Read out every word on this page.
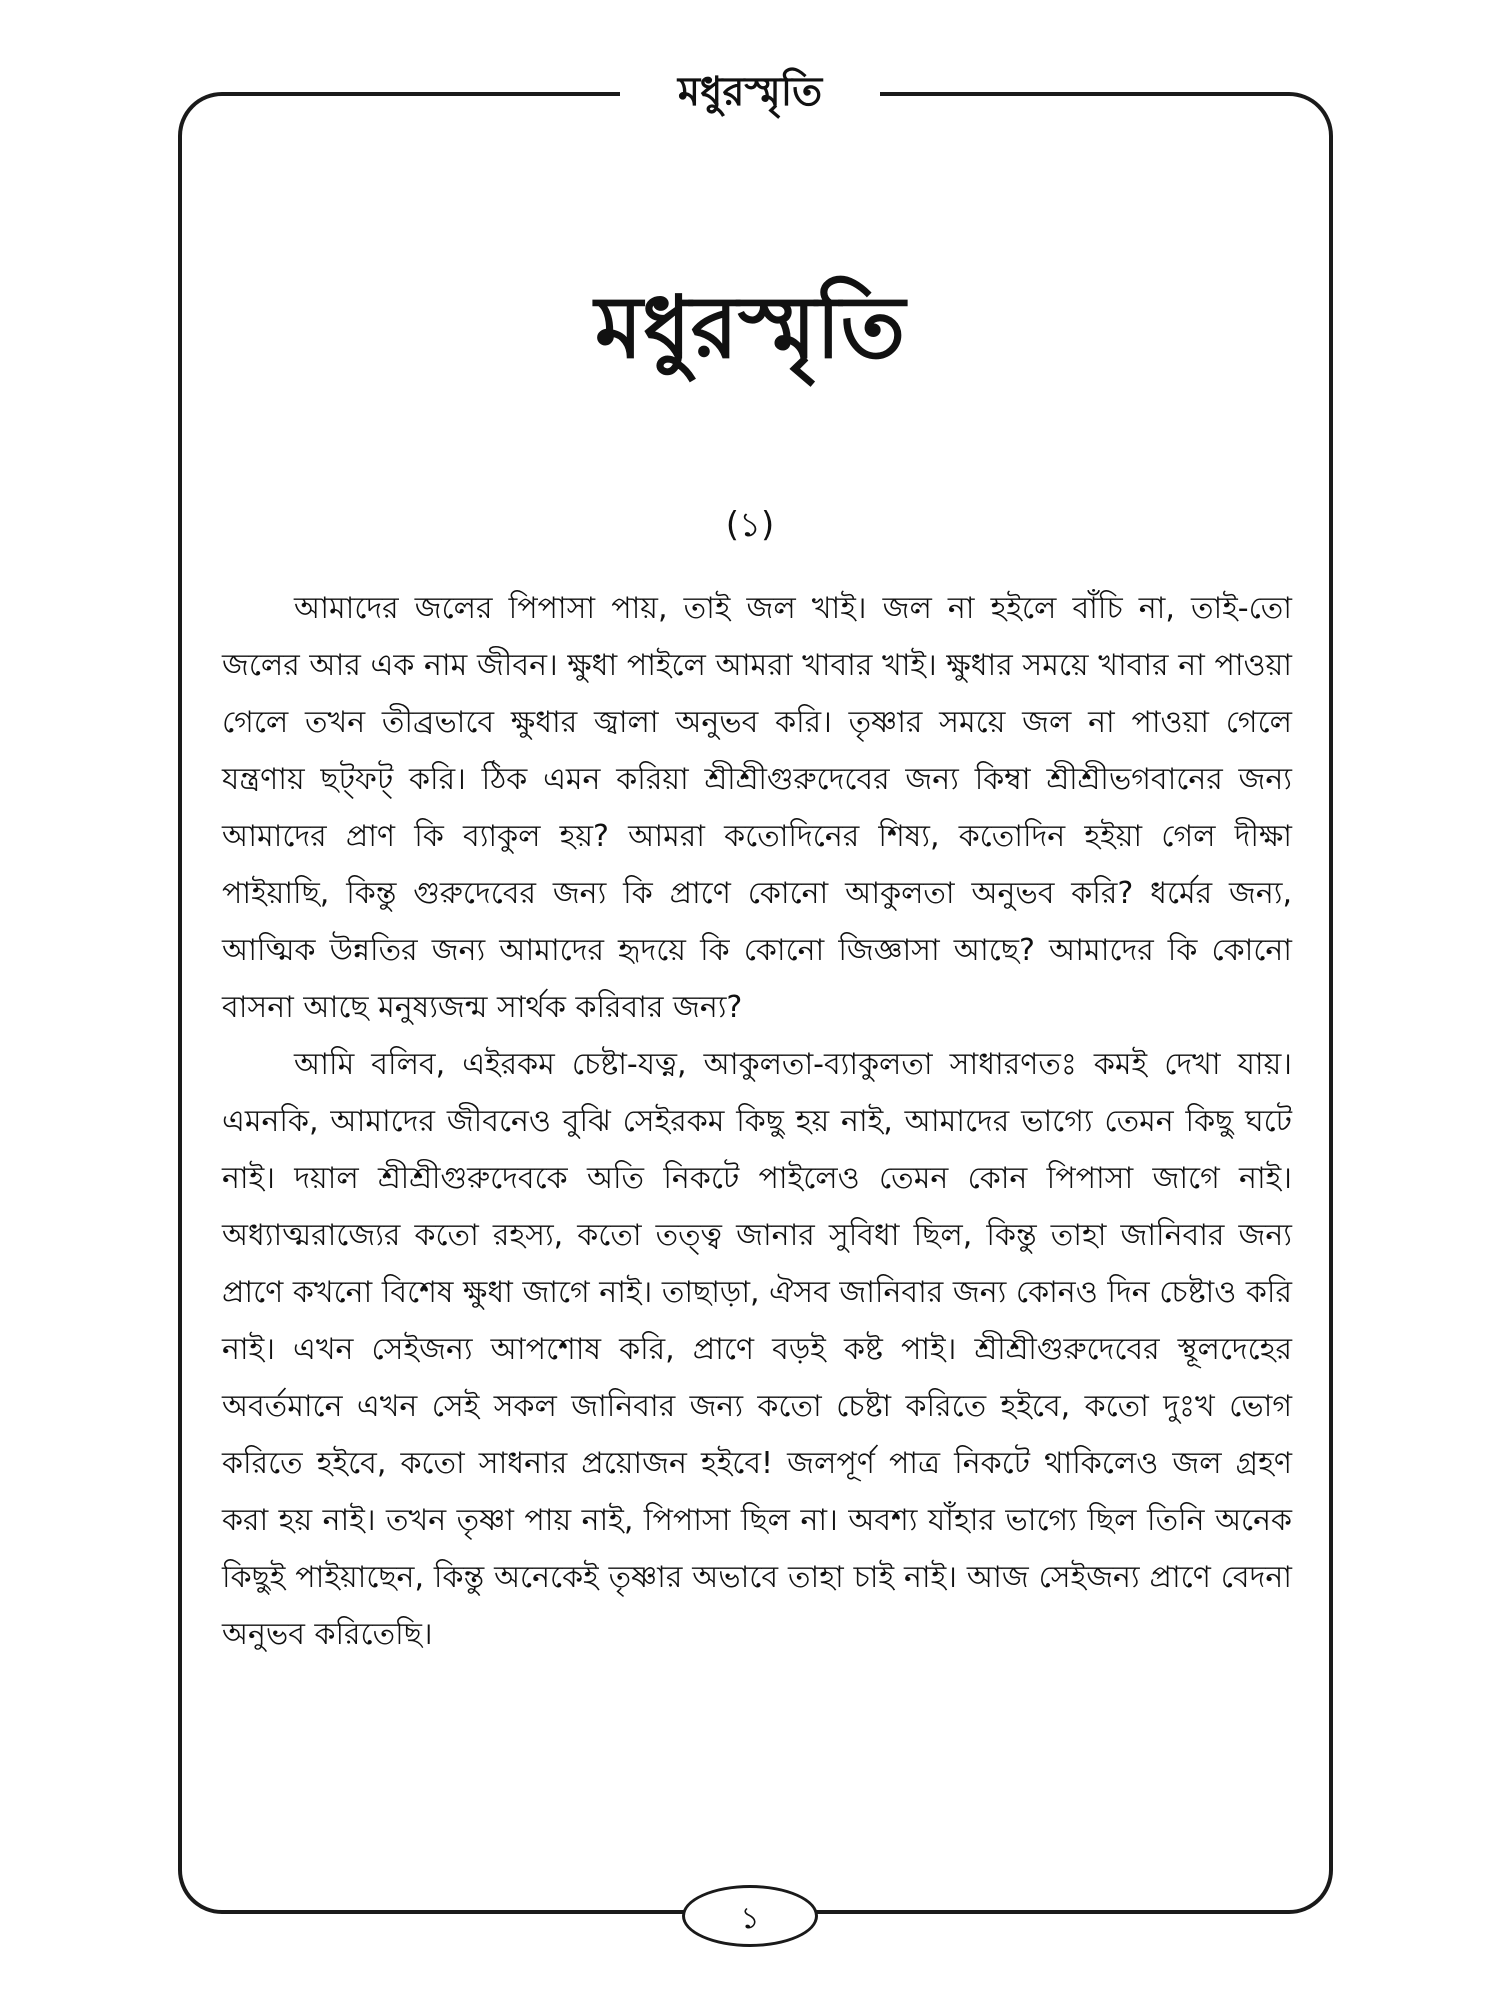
মধুরস্মৃতি
মধুরস্মৃতি
(১)

আমাদের জলের পিপাসা পায়, তাই জল খাই। জল না হইলে বাঁচি না, তাই-তো জলের আর এক নাম জীবন। ক্ষুধা পাইলে আমরা খাবার খাই। ক্ষুধার সময়ে খাবার না পাওয়া গেলে তখন তীব্রভাবে ক্ষুধার জ্বালা অনুভব করি। তৃষ্ণার সময়ে জল না পাওয়া গেলে যন্ত্রণায় ছট্‌ফট্‌ করি। ঠিক এমন করিয়া শ্রীশ্রীগুরুদেবের জন্য কিম্বা শ্রীশ্রীভগবানের জন্য আমাদের প্রাণ কি ব্যাকুল হয়? আমরা কতোদিনের শিষ্য, কতোদিন হইয়া গেল দীক্ষা পাইয়াছি, কিন্তু গুরুদেবের জন্য কি প্রাণে কোনো আকুলতা অনুভব করি? ধর্মের জন্য, আত্মিক উন্নতির জন্য আমাদের হৃদয়ে কি কোনো জিজ্ঞাসা আছে? আমাদের কি কোনো বাসনা আছে মনুষ্যজন্ম সার্থক করিবার জন্য?

আমি বলিব, এইরকম চেষ্টা-যত্ন, আকুলতা-ব্যাকুলতা সাধারণতঃ কমই দেখা যায়। এমনকি, আমাদের জীবনেও বুঝি সেইরকম কিছু হয় নাই, আমাদের ভাগ্যে তেমন কিছু ঘটে নাই। দয়াল শ্রীশ্রীগুরুদেবকে অতি নিকটে পাইলেও তেমন কোন পিপাসা জাগে নাই। অধ্যাত্মরাজ্যের কতো রহস্য, কতো তত্ত্ব জানার সুবিধা ছিল, কিন্তু তাহা জানিবার জন্য প্রাণে কখনো বিশেষ ক্ষুধা জাগে নাই। তাছাড়া, ঐসব জানিবার জন্য কোনও দিন চেষ্টাও করি নাই। এখন সেইজন্য আপশোষ করি, প্রাণে বড়ই কষ্ট পাই। শ্রীশ্রীগুরুদেবের স্থূলদেহের অবর্তমানে এখন সেই সকল জানিবার জন্য কতো চেষ্টা করিতে হইবে, কতো দুঃখ ভোগ করিতে হইবে, কতো সাধনার প্রয়োজন হইবে! জলপূর্ণ পাত্র নিকটে থাকিলেও জল গ্রহণ করা হয় নাই। তখন তৃষ্ণা পায় নাই, পিপাসা ছিল না। অবশ্য যাঁহার ভাগ্যে ছিল তিনি অনেক কিছুই পাইয়াছেন, কিন্তু অনেকেই তৃষ্ণার অভাবে তাহা চাই নাই। আজ সেইজন্য প্রাণে বেদনা অনুভব করিতেছি।

১
